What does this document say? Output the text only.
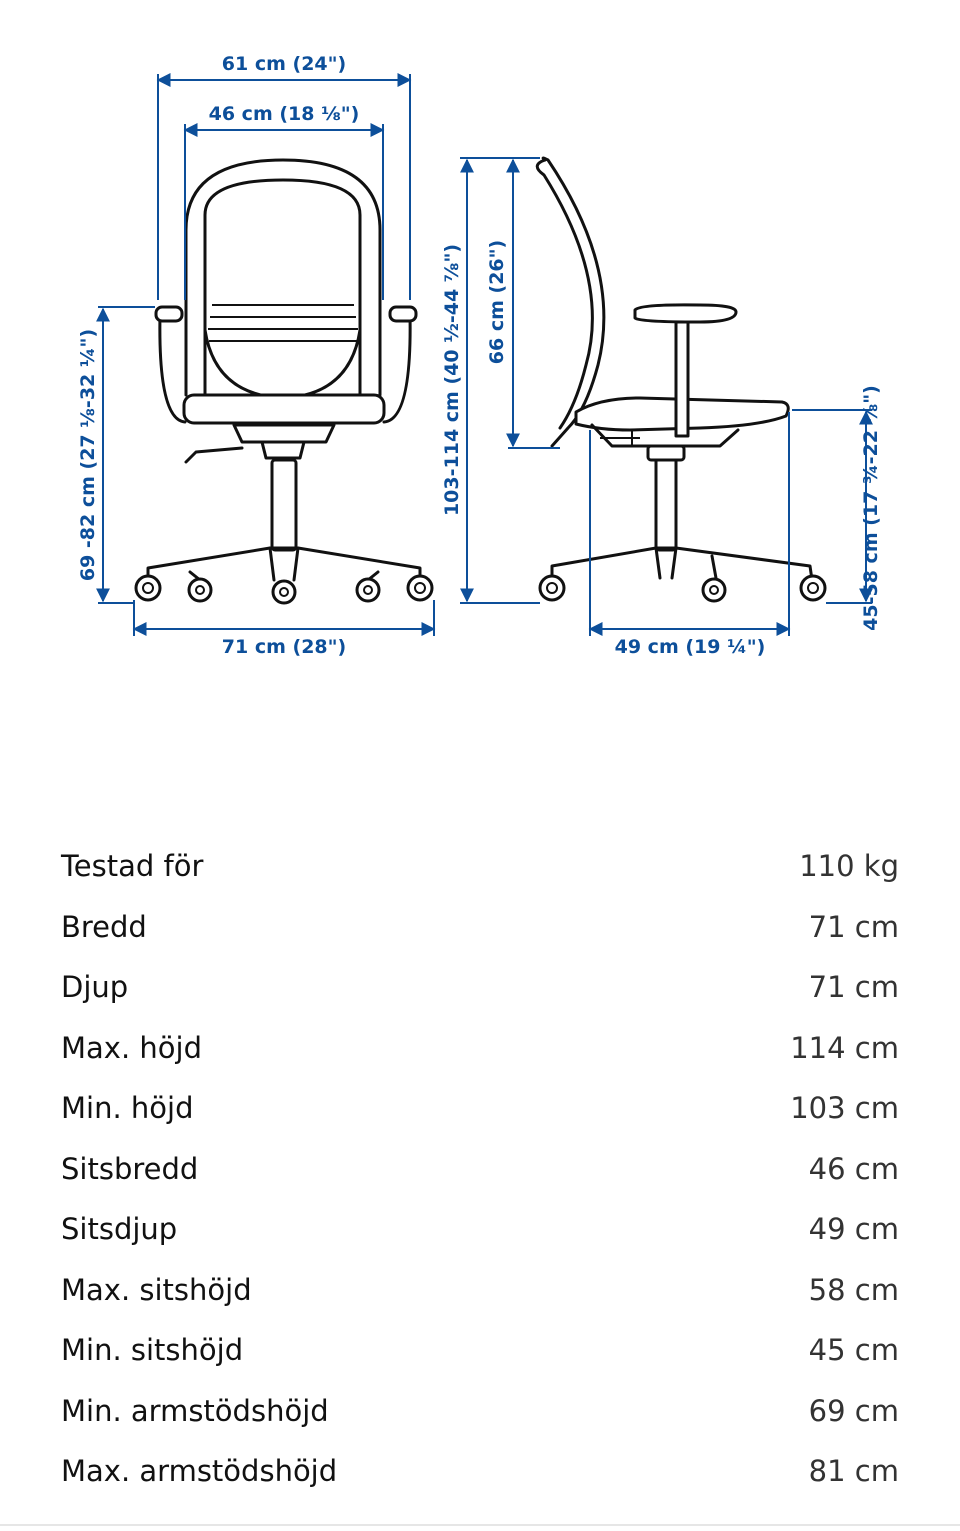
61 cm (24")
46 cm (18 ⅛")
69 -82 cm (27 ⅛-32 ¼")
71 cm (28")
103-114 cm (40 ½-44 ⅞") 66 cm (26")
45-58 cm (17 ¾-22 ⅞")
49 cm (19 ¼")
Testad för	110 kg
Bredd	71 cm
Djup	71 cm
Max. höjd	114 cm
Min. höjd	103 cm
Sitsbredd	46 cm
Sitsdjup	49 cm
Max. sitshöjd	58 cm
Min. sitshöjd	45 cm
Min. armstödshöjd	69 cm
Max. armstödshöjd	81 cm
